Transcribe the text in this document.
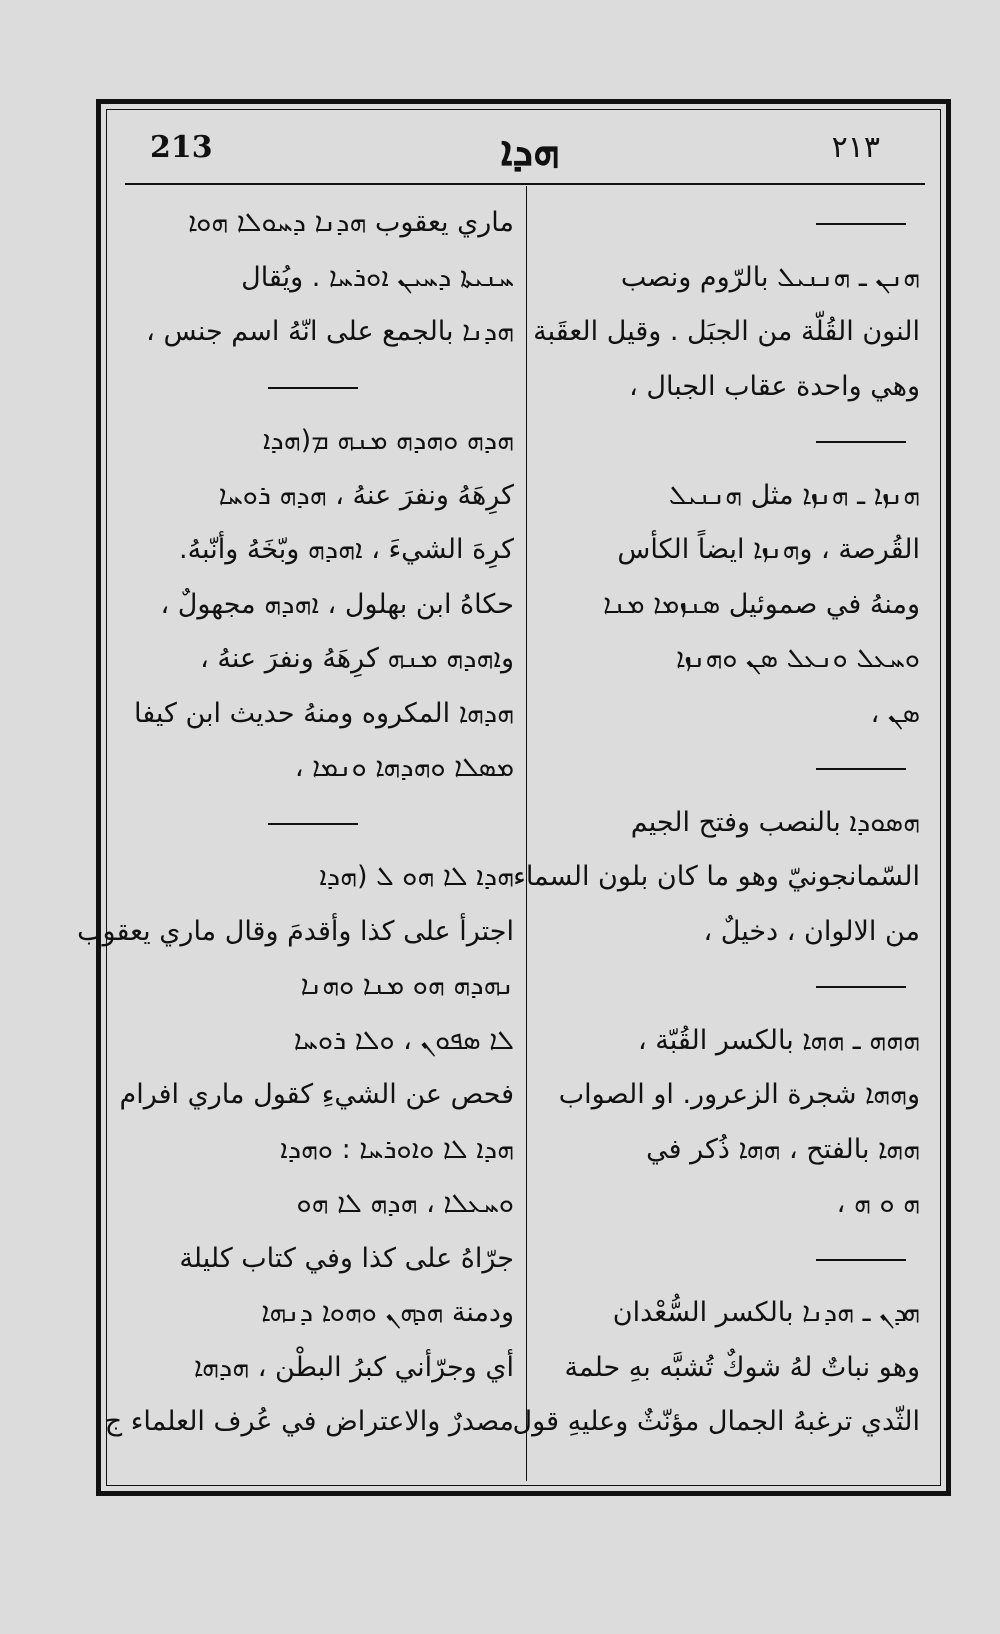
213	ܗܕܐ	٢١٣
ܗܢܢ ـ ܗܢܢܝܠ بالرّوم ونصب
النون القُلّة من الجبَل . وقيل العقَبة
وهي واحدة عقاب الجبال ،
ܗܢܙܐ ـ ܗܢܙܐ مثل ܗܢܢܝܠ
القُرصة ، وܗܢܙܐ ايضاً الكأس
ومنهُ في صموئيل ܣܢܙܡܐ ܡܢܐ
ܘܚܥܠ ܘܢܥܠ ܣܢ ܘܗܢܙܐ
ܣܢ ،
ܗܣܘܕܐ بالنصب وفتح الجيم
السّمانجونيّ وهو ما كان بلون السماء
من الالوان ، دخيلٌ ،
ܗܗܗ ـ ܗܗܐ بالكسر القُبّة ،
وܗܗܐ شجرة الزعرور. او الصواب
ܗܗܐ بالفتح ، ܗܗܐ ذُكر في
ܗ ܘ ܗ ،
ܗܕܢ ـ ܗܕܢܐ بالكسر السُّعْدان
وهو نباتٌ لهُ شوكٌ تُشبَّه بهِ حلمة
الثّدي ترغبهُ الجمال مؤنّثٌ وعليهِ قول
ماري يعقوب ܗܕܢܐ ܕܚܘܠܐ ܗܘܐ
ܚܢܝܬܐ ܕܚܝܢ ܐܘܪܚܐ . ويُقال
ܗܕܢܐ بالجمع على انّهُ اسم جنس ،
ܗܕܗ ܘܗܕܗ ܡܢܗ ܡ(ܗܕܐ
كرِهَهُ ونفرَ عنهُ ، ܗܕܗ ܪܘܚܐ
كرِهَ الشيءَ ، ܐܗܕܗ وبّخَهُ وأنّبهُ.
حكاهُ ابن بهلول ، ܐܗܕܗ مجهولٌ ،
وܐܗܕܗ ܡܢܗ كرِهَهُ ونفرَ عنهُ ،
ܗܕܗܐ المكروه ومنهُ حديث ابن كيفا
ܡܣܠܐ ܘܗܕܗܐ ܘܢܡܐ ،
ܗܕܐ ܠܐ ܗܘ ܠ (ܗܕܐ
اجترأ على كذا وأقدمَ وقال ماري يعقوب
ܢܗܕܗ ܗܘ ܡܢܐ ܘܗܢܐ
ܠܐ ܣܦܘܢ ، ܘܠܐ ܪܘܚܐ
فحص عن الشيءِ كقول ماري افرام
ܗܕܐ ܠܐ ܘܐܘܪܚܐ : ܘܗܕܐ
ܘܚܥܠܐ ، ܗܕܗ ܠܐ ܗܘ
جرّاهُ على كذا وفي كتاب كليلة
ودمنة ܗܕܗܢ ܘܗܘܐ ܕܢܗܐ
أي وجرّأني كبرُ البطْن ، ܗܕܗܐ
مصدرٌ والاعتراض في عُرف العلماء ج
